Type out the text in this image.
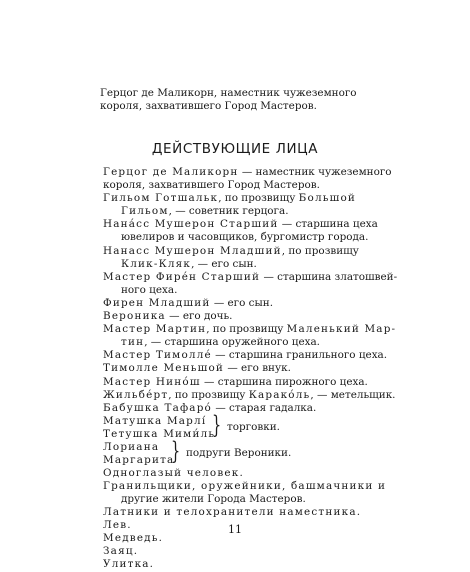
Герцог де Маликорн, наместник чужеземного
короля, захватившего Город Мастеров.
ДЕЙСТВУЮЩИЕ ЛИЦА
Герцог де Маликорн — наместник чужеземного
короля, захватившего Город Мастеров.
Гильом Готшальк, по прозвищу Большой
Гильом, — советник герцога.
Нана́сс Мушерон Старший — старшина цеха
ювелиров и часовщиков, бургомистр города.
Нанасс Мушерон Младший, по прозвищу
Клик-Кляк, — его сын.
Мастер Фире́н Старший — старшина златошвей-
ного цеха.
Фирен Младший — его сын.
Вероника — его дочь.
Мастер Мартин, по прозвищу Маленький Мар-
тин, — старшина оружейного цеха.
Мастер Тимолле́ — старшина гранильного цеха.
Тимолле Меньшой — его внук.
Мастер Нино́ш — старшина пирожного цеха.
Жильбе́рт, по прозвищу Карако́ль, — метельщик.
Бабушка Тафаро́ — старая гадалка.
Матушка Марлí
Тетушка Мими́ль
} торговки.
Лориана
Маргарита
} подруги Вероники.
Одноглазый человек.
Гранильщики, оружейники, башмачники и
другие жители Города Мастеров.
Латники и телохранители наместника.
Лев.
Медведь.
Заяц.
Улитка.
11
